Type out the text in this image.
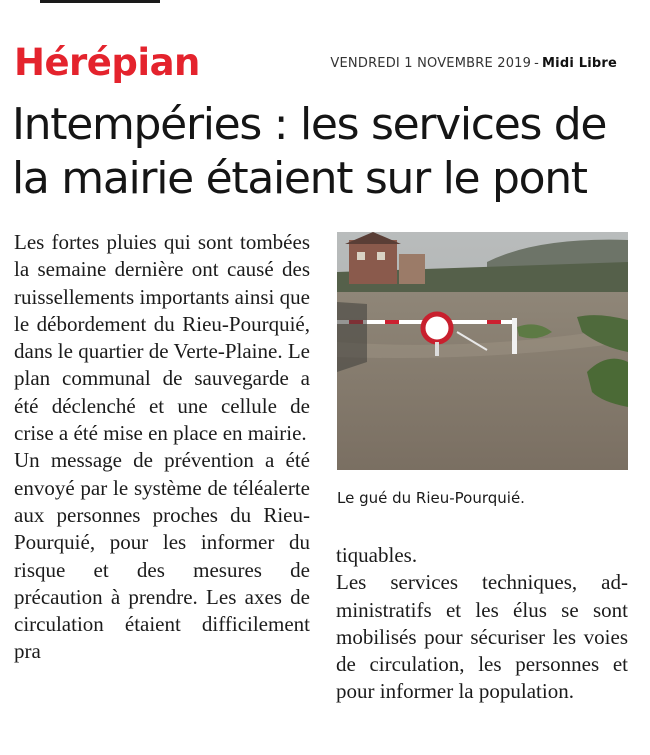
Hérépian	VENDREDI 1 NOVEMBRE 2019 - Midi Libre
Intempéries : les services de la mairie étaient sur le pont

Les fortes pluies qui sont tombées la semaine dernière ont causé des ruissellements importants ainsi que le débordement du Rieu-Pourquié, dans le quartier de Verte-Plaine. Le plan communal de sauvegarde a été déclenché et une cellule de crise a été mise en place en mairie.

Un message de prévention a été envoyé par le système de téléalerte aux personnes proches du Rieu-Pourquié, pour les informer du risque et des mesures de précaution à prendre. Les axes de circulation étaient difficilement pra

Le gué du Rieu-Pourquié.

tiquables.

Les services techniques, administratifs et les élus se sont mobilisés pour sécuriser les voies de circulation, les personnes et pour informer la population.
